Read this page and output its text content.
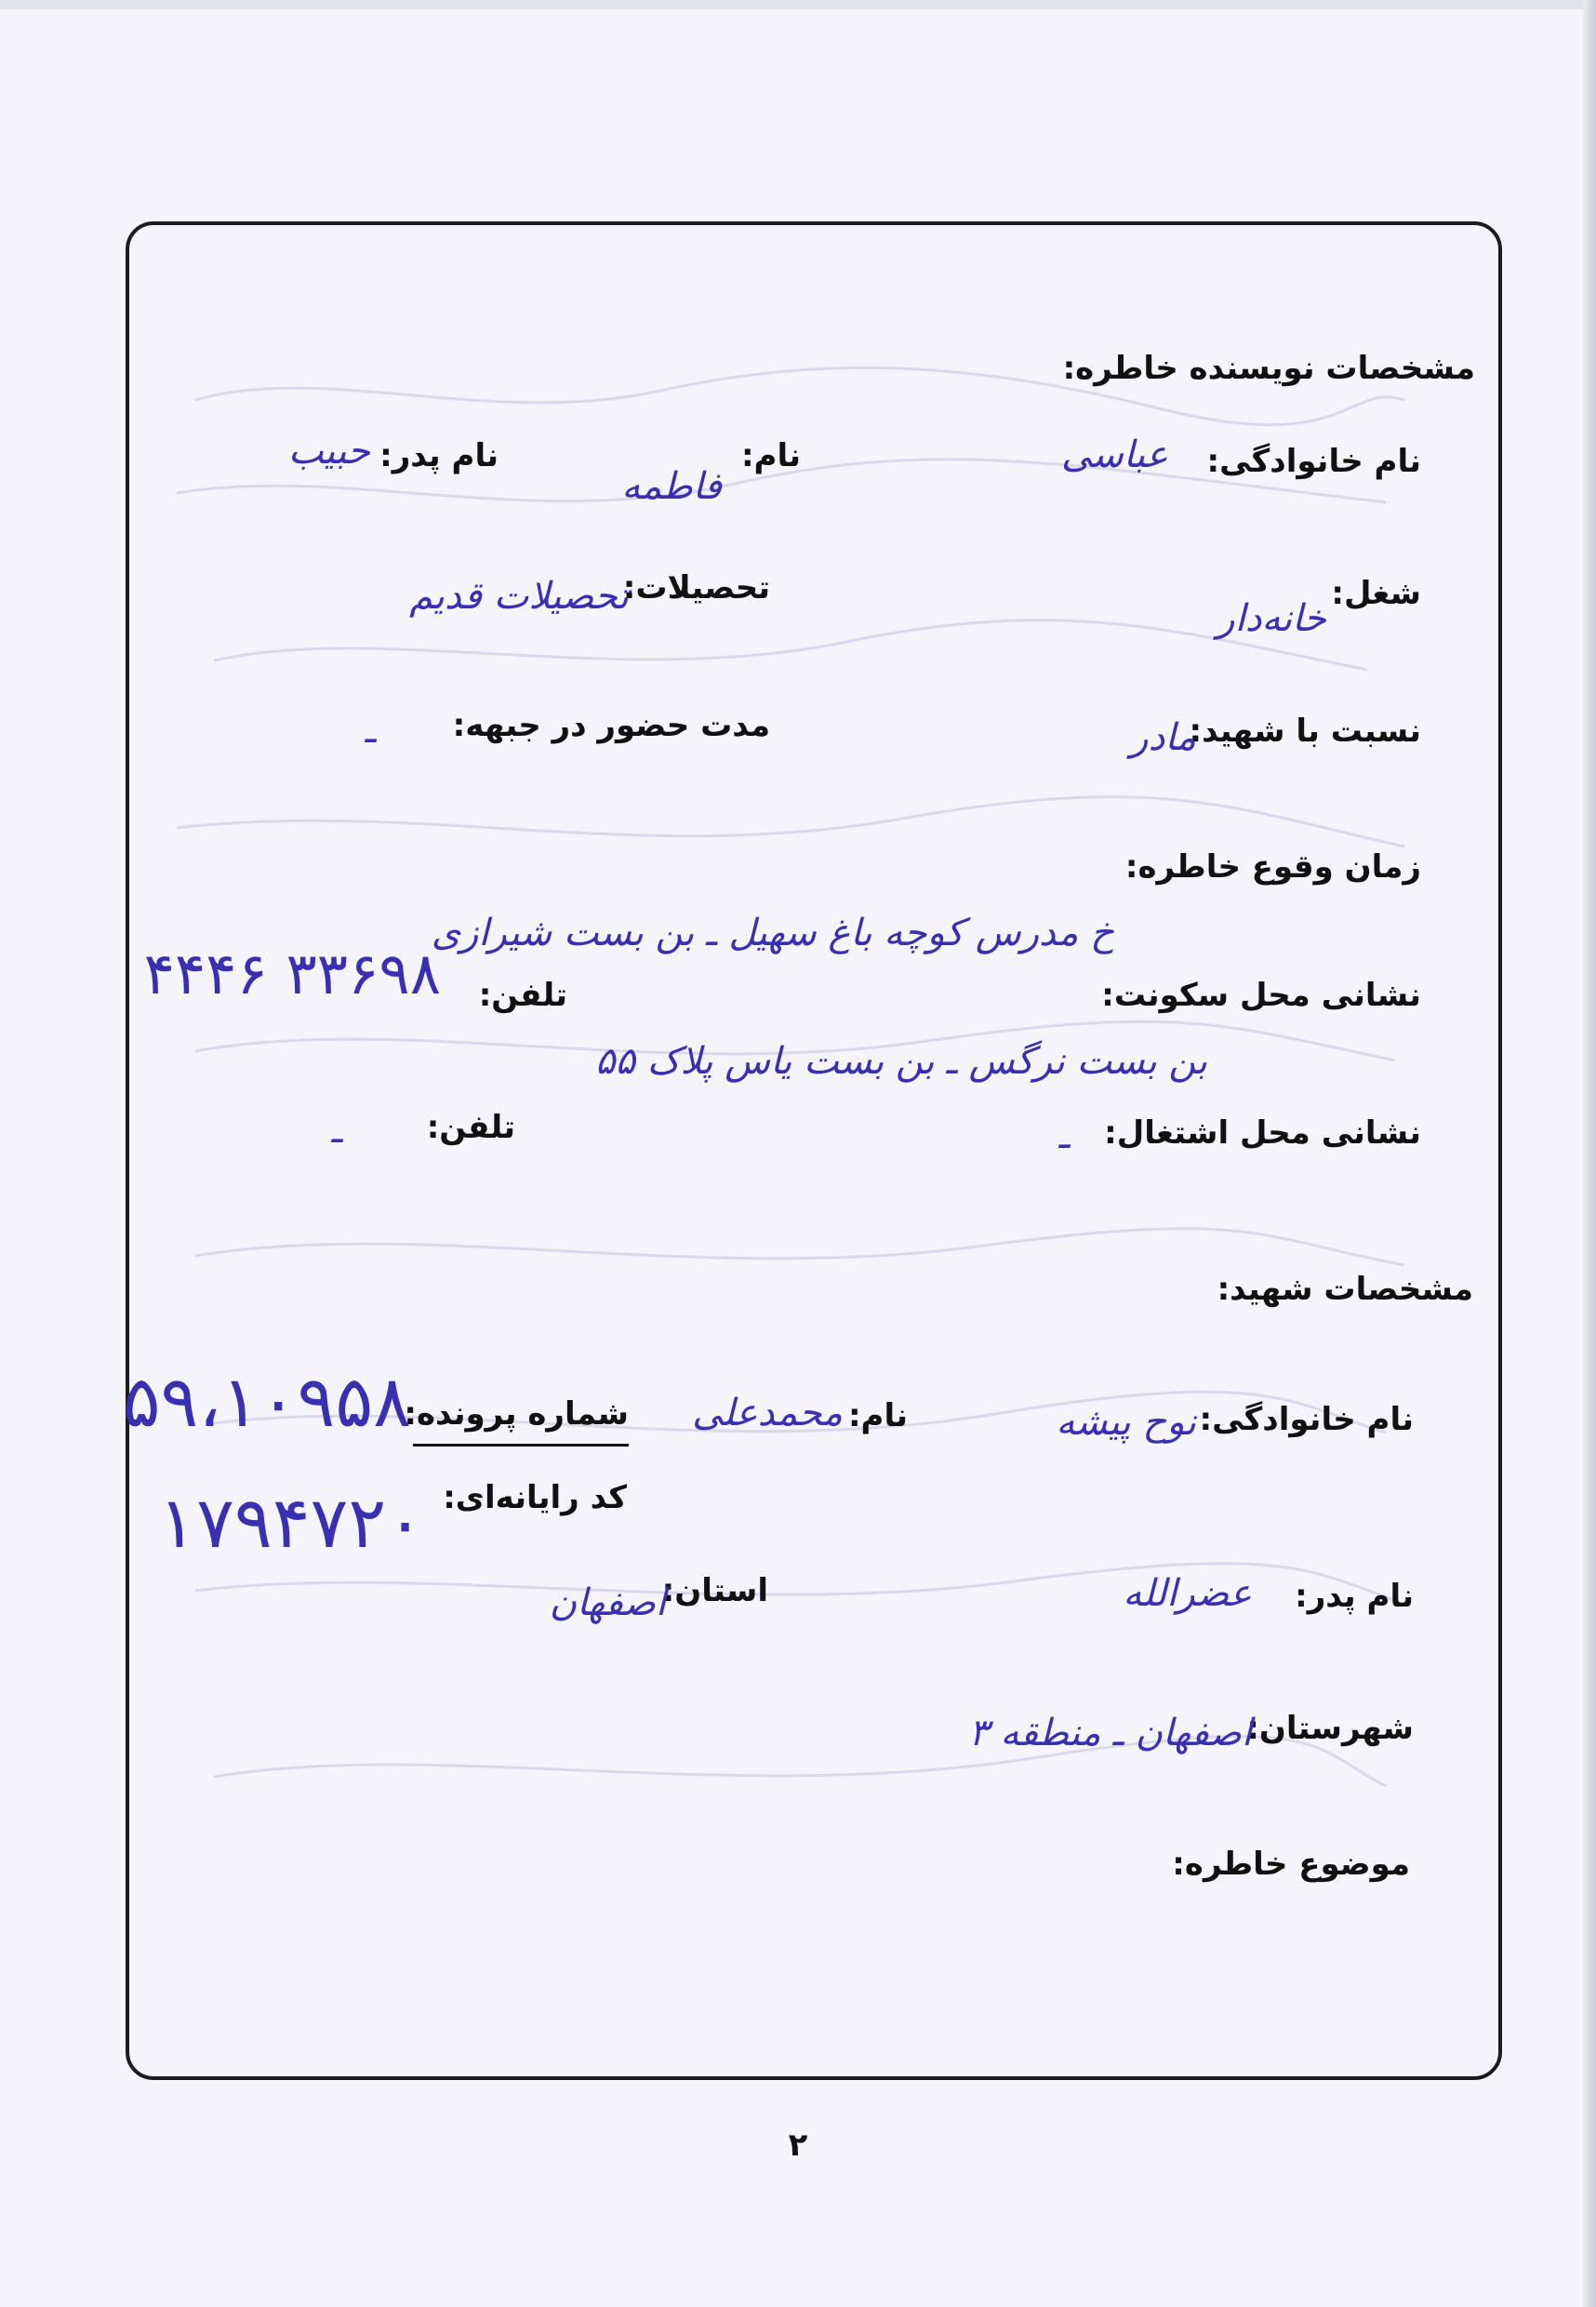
مشخصات نویسنده خاطره:
نام خانوادگی:
عباسی
نام:
فاطمه
نام پدر:
حبیب
شغل:
خانه‌دار
تحصیلات:
تحصیلات قدیم
نسبت با شهید:
مادر
مدت حضور در جبهه:
ـ
زمان وقوع خاطره:
نشانی محل سکونت:
خ مدرس کوچه باغ سهیل ـ بن بست شیرازی
بن بست نرگس ـ بن بست یاس پلاک ۵۵
تلفن:
۳۳۶۹۸ ۴۴۴۶
نشانی محل اشتغال:
ـ
تلفن:
ـ
مشخصات شهید:
نام خانوادگی:
نوح پیشه
نام:
محمدعلی
شماره پرونده:
۵۹،۱۰۹۵۸
کد رایانه‌ای:
۱۷۹۴۷۲۰
نام پدر:
عضرالله
استان:
اصفهان
شهرستان:
اصفهان ـ منطقه ۳
موضوع خاطره:
۲
